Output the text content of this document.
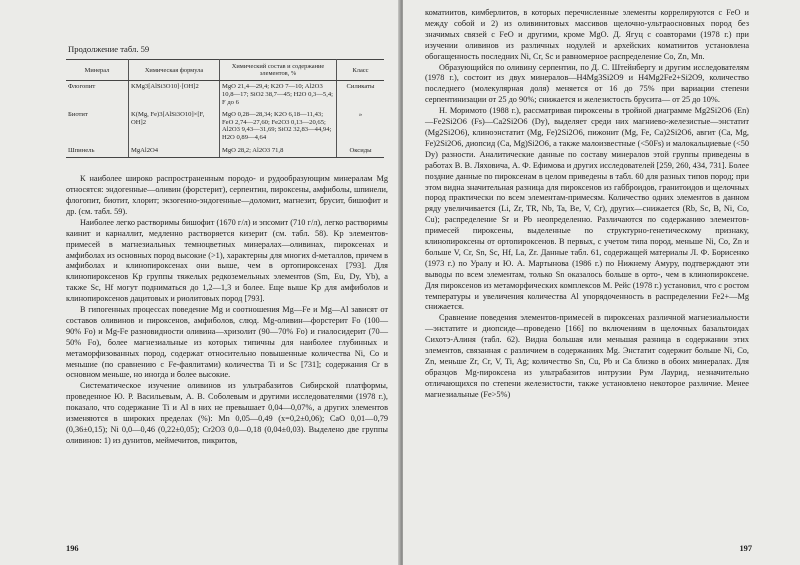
Продолжение табл. 59
Минерал	Химическая формула	Химический состав и содержание элементов, %	Класс
Флогопит	KMg3[AlSi3O10]·[OH]2	MgO 21,4—29,4; K2O 7—10; Al2O3 10,8—17; SiO2 38,7—45; H2O 0,3—5,4; F до 6	Силикаты
Биотит	K(Mg, Fe)3[AlSi3O10]×[F, OH]2	MgO 0,28—28,34; K2O 6,18—11,43; FeO 2,74—27,60; Fe2O3 0,13—20,65; Al2O3 9,43—31,69; SiO2 32,83—44,94; H2O 0,89—4,64	»
Шпинель	MgAl2O4	MgO 28,2; Al2O3 71,8	Оксиды

К наиболее широко распространенным породо- и рудообразующим минералам Mg относятся: эндогенные—оливин (форстерит), серпентин, пироксены, амфиболы, шпинели, флогопит, биотит, хлорит; экзогенно-эндогенные—доломит, магнезит, брусит, бишофит и др. (см. табл. 59).

Наиболее легко растворимы бишофит (1670 г/л) и эпсомит (710 г/л), легко растворимы каинит и карналлит, медленно растворяется кизерит (см. табл. 58). Kp элементов-примесей в магнезиальных темноцветных минералах—оливинах, пироксенах и амфиболах из основных пород высокие (>1), характерны для многих d-металлов, причем в амфиболах и клинопироксенах они выше, чем в ортопироксенах [793]. Для клинопироксенов Kp группы тяжелых редкоземельных элементов (Sm, Eu, Dy, Yb), а также Sc, Hf могут подниматься до 1,2—1,3 и более. Еще выше Kp для амфиболов и клинопироксенов дацитовых и риолитовых пород [793].

В гипогенных процессах поведение Mg и соотношения Mg—Fe и Mg—Al зависят от составов оливинов и пироксенов, амфиболов, слюд. Mg-оливин—форстерит Fo (100—90% Fo) и Mg-Fe разновидности оливина—хризолит (90—70% Fo) и гиалосидерит (70—50% Fo), более магнезиальные из которых типичны для наиболее глубинных и метаморфизованных пород, содержат относительно повышенные количества Ni, Co и меньшие (по сравнению с Fe-фаялитами) количества Ti и Sc [731]; содержания Cr в основном меньше, но иногда и более высокие.

Систематическое изучение оливинов из ультрабазитов Сибирской платформы, проведенное Ю. Р. Васильевым, А. В. Соболевым и другими исследователями (1978 г.), показало, что содержание Ti и Al в них не превышает 0,04—0,07%, а других элементов изменяются в широких пределах (%): Mn 0,05—0,49 (x=0,2±0,06); CaO 0,01—0,79 (0,36±0,15); Ni 0,0—0,46 (0,22±0,05); Cr2O3 0,0—0,18 (0,04±0,03). Выделено две группы оливинов: 1) из дунитов, меймечитов, пикритов,

196

коматиитов, кимберлитов, в которых перечисленные элементы коррелируются с FeO и между собой и 2) из оливинитовых массивов щелочно-ультраосновных пород без значимых связей с FeO и другими, кроме MgO. Д. Ягуц с соавторами (1978 г.) при изучении оливинов из различных нодулей и архейских коматиитов установлена обогащенность последних Ni, Cr, Sc и равномерное распределение Co, Zn, Mn.

Образующийся по оливину серпентин, по Д. С. Штейнбергу и другим исследователям (1978 г.), состоит из двух минералов—H4Mg3Si2O9 и H4Mg2Fe2+Si2O9, количество последнего (молекулярная доля) меняется от 16 до 75% при вариации степени серпентинизации от 25 до 90%; снижается и железистость брусита— от 25 до 10%.

Н. Моримото (1988 г.), рассматривая пироксены в тройной диаграмме Mg2Si2O6 (En)—Fe2Si2O6 (Fs)—Ca2Si2O6 (Dy), выделяет среди них магниево-железистые—энстатит (Mg2Si2O6), клиноэнстатит (Mg, Fe)2Si2O6, пижонит (Mg, Fe, Ca)2Si2O6, авгит (Ca, Mg, Fe)2Si2O6, диопсид (Ca, Mg)Si2O6, а также малоизвестные (<50Fs) и малокальциевые (<50 Dy) разности. Аналитические данные по составу минералов этой группы приведены в работах В. В. Ляховича, А. Ф. Ефимова и других исследователей [259, 260, 434, 731]. Более поздние данные по пироксенам в целом приведены в табл. 60 для разных типов пород; при этом видна значительная разница для пироксенов из габброидов, гранитоидов и щелочных пород практически по всем элементам-примесям. Количество одних элементов в данном ряду увеличивается (Li, Zr, TR, Nb, Ta, Be, V, Cr), других—снижается (Rb, Sc, B, Ni, Co, Cu); распределение Sr и Pb неопределенно. Различаются по содержанию элементов-примесей пироксены, выделенные по структурно-генетическому признаку, клинопироксены от ортопироксенов. В первых, с учетом типа пород, меньше Ni, Co, Zn и больше V, Cr, Sn, Sc, Hf, La, Zr. Данные табл. 61, содержащей материалы Л. Ф. Борисенко (1973 г.) по Уралу и Ю. А. Мартынова (1986 г.) по Нижнему Амуру, подтверждают эти выводы по всем элементам, только Sn оказалось больше в орто-, чем в клинопироксене. Для пироксенов из метаморфических комплексов М. Рейс (1978 г.) установил, что с ростом температуры и увеличения количества Al упорядоченность в распределении Fe2+—Mg снижается.

Сравнение поведения элементов-примесей в пироксенах различной магнезиальности—энстатите и диопсиде—проведено [166] по включениям в щелочных базальтоидах Сихотэ-Алиня (табл. 62). Видна большая или меньшая разница в содержании этих элементов, связанная с различием в содержаниях Mg. Энстатит содержит больше Ni, Co, Zn, меньше Zr, Cr, V, Ti, Ag; количество Sn, Cu, Pb и Ca близко в обоих минералах. Для образцов Mg-пироксена из ультрабазитов интрузии Рум Лаурид, незначительно отличающихся по степени железистости, также установлено некоторое различие. Менее магнезиальные (Fe>5%)

197
